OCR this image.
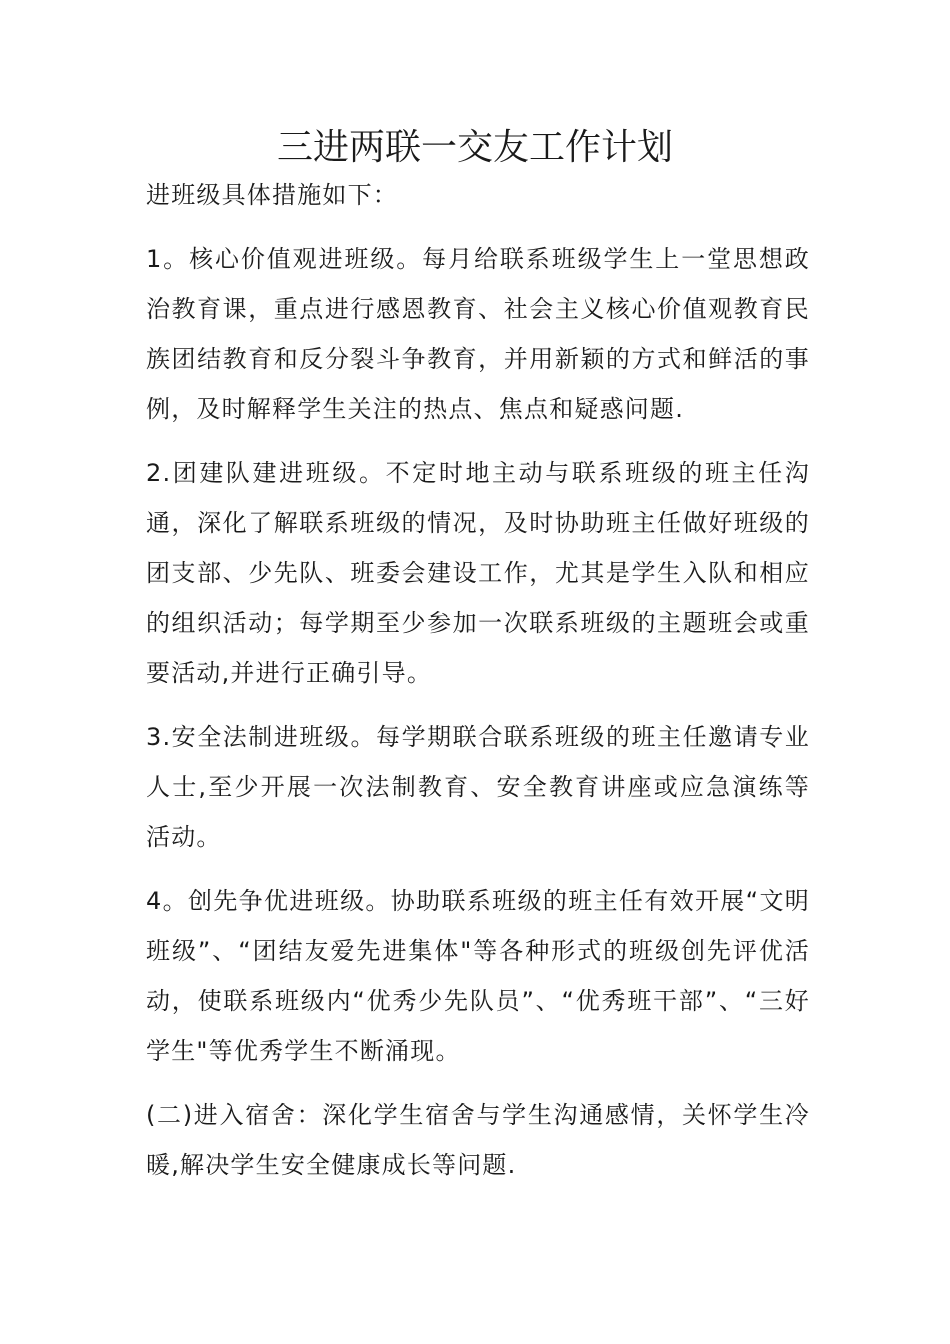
三进两联一交友工作计划

进班级具体措施如下：

1。核心价值观进班级。每月给联系班级学生上一堂思想政治教育课，重点进行感恩教育、社会主义核心价值观教育民族团结教育和反分裂斗争教育，并用新颖的方式和鲜活的事例，及时解释学生关注的热点、焦点和疑惑问题.

2.团建队建进班级。不定时地主动与联系班级的班主任沟通，深化了解联系班级的情况，及时协助班主任做好班级的团支部、少先队、班委会建设工作，尤其是学生入队和相应的组织活动；每学期至少参加一次联系班级的主题班会或重要活动,并进行正确引导。

3.安全法制进班级。每学期联合联系班级的班主任邀请专业人士,至少开展一次法制教育、安全教育讲座或应急演练等活动。

4。创先争优进班级。协助联系班级的班主任有效开展“文明班级”、“团结友爱先进集体"等各种形式的班级创先评优活动，使联系班级内“优秀少先队员”、“优秀班干部”、“三好学生"等优秀学生不断涌现。

(二)进入宿舍：深化学生宿舍与学生沟通感情，关怀学生冷暖,解决学生安全健康成长等问题.
